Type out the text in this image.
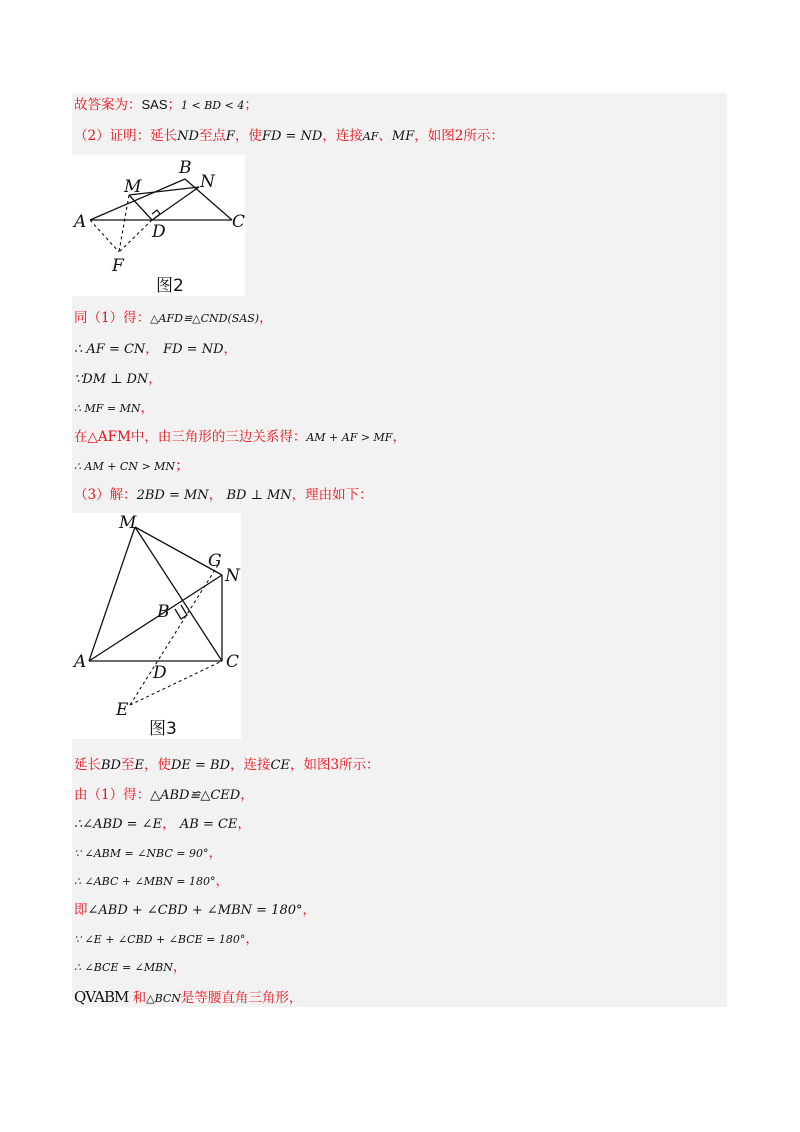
故答案为：SAS；1 < BD < 4；
（2）证明：延长ND至点F，使FD = ND，连接AF、MF，如图2所示：
A
B
M	N
D	C
F
图2
同（1）得：△AFD≌△CND(SAS)，
∴ AF = CN， FD = ND，
∵DM ⊥ DN，
∴ MF = MN，
在△AFM中，由三角形的三边关系得：AM + AF > MF，
∴ AM + CN > MN；
（3）解：2BD = MN， BD ⊥ MN，理由如下：
M
G
N
B
A	C
D
E
图3
延长BD至E，使DE = BD，连接CE，如图3所示：
由（1）得：△ABD≌△CED，
∴∠ABD = ∠E， AB = CE，
∵ ∠ABM = ∠NBC = 90°，
∴ ∠ABC + ∠MBN = 180°，
即∠ABD + ∠CBD + ∠MBN = 180°，
∵ ∠E + ∠CBD + ∠BCE = 180°，
∴ ∠BCE = ∠MBN，
QVABM 和△BCN是等腰直角三角形，
